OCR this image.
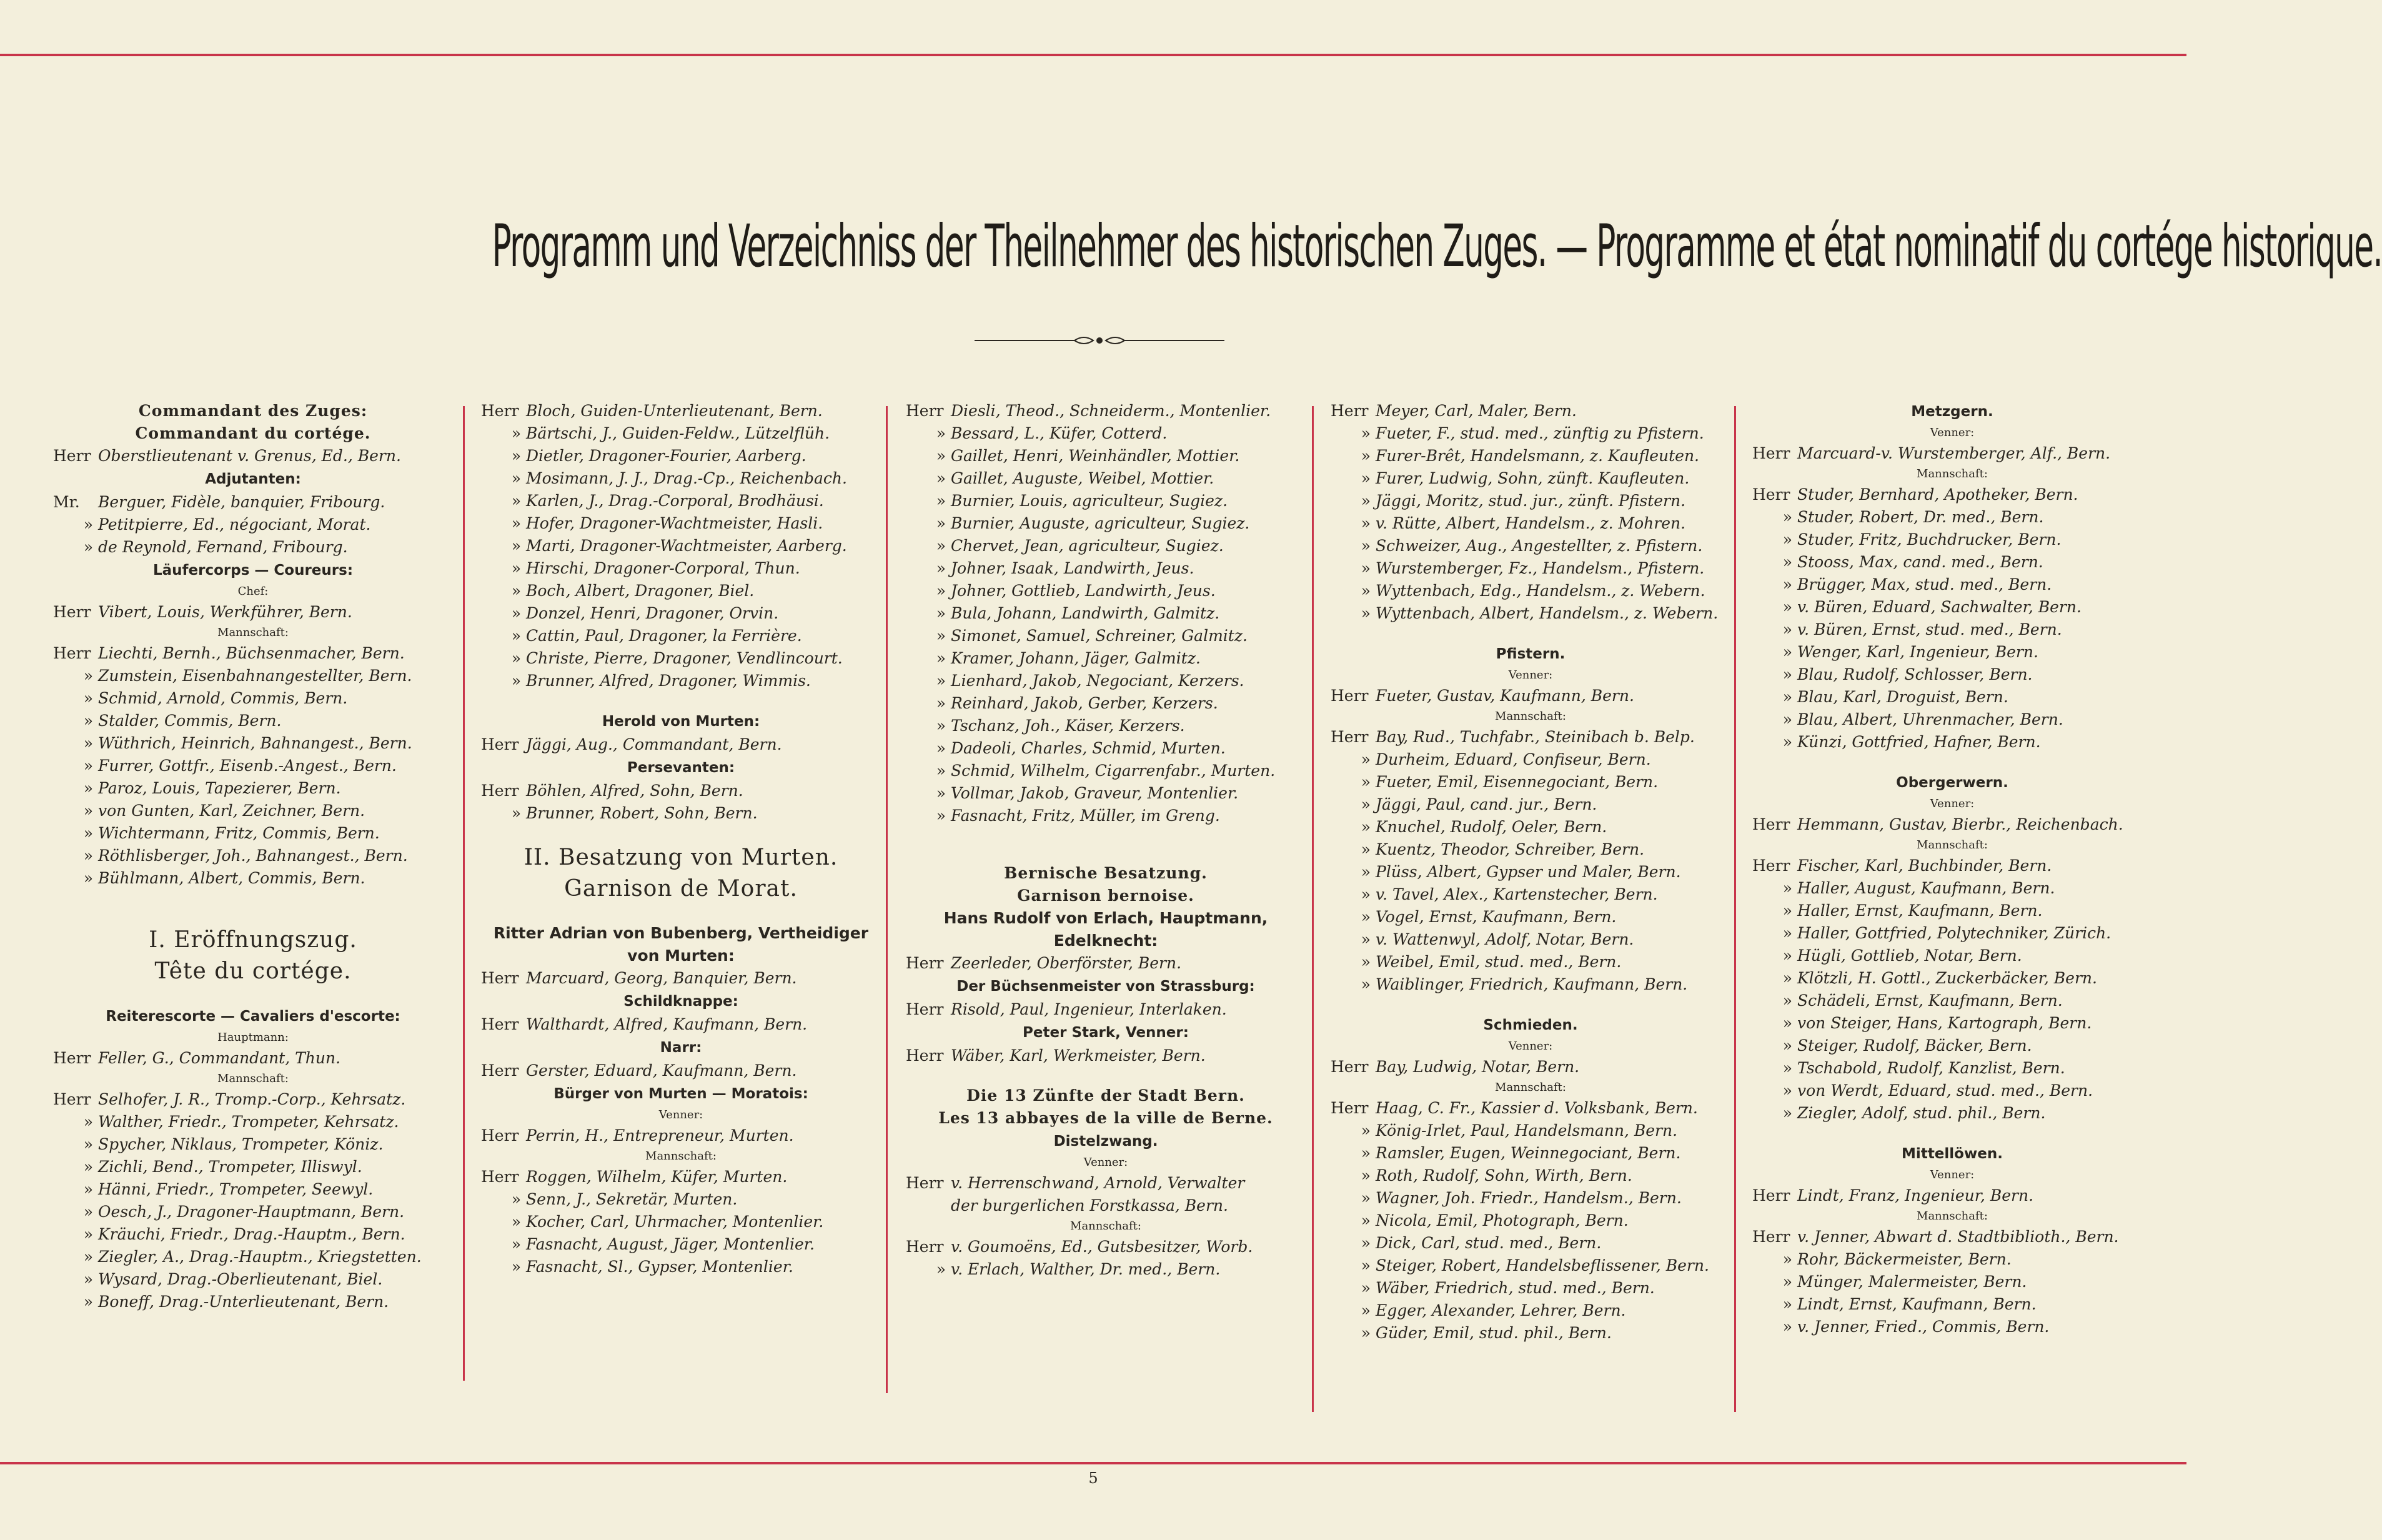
Programm und Verzeichniss der Theilnehmer des historischen Zuges. — Programme et état nominatif du cortége historique.
Commandant des Zuges:
Commandant du cortége.
Herr Oberstlieutenant v. Grenus, Ed., Bern.
Adjutanten:
Mr. Berguer, Fidèle, banquier, Fribourg.
» Petitpierre, Ed., négociant, Morat.
» de Reynold, Fernand, Fribourg.
Läufercorps — Coureurs:
Chef:
Herr Vibert, Louis, Werkführer, Bern.
Mannschaft:
Herr Liechti, Bernh., Büchsenmacher, Bern.
» Zumstein, Eisenbahnangestellter, Bern.
» Schmid, Arnold, Commis, Bern.
» Stalder, Commis, Bern.
» Wüthrich, Heinrich, Bahnangest., Bern.
» Furrer, Gottfr., Eisenb.-Angest., Bern.
» Paroz, Louis, Tapezierer, Bern.
» von Gunten, Karl, Zeichner, Bern.
» Wichtermann, Fritz, Commis, Bern.
» Röthlisberger, Joh., Bahnangest., Bern.
» Bühlmann, Albert, Commis, Bern.
I. Eröffnungszug.
Tête du cortége.
Reiterescorte — Cavaliers d'escorte:
Hauptmann:
Herr Feller, G., Commandant, Thun.
Mannschaft:
Herr Selhofer, J. R., Tromp.-Corp., Kehrsatz.
» Walther, Friedr., Trompeter, Kehrsatz.
» Spycher, Niklaus, Trompeter, Köniz.
» Zichli, Bend., Trompeter, Illiswyl.
» Hänni, Friedr., Trompeter, Seewyl.
» Oesch, J., Dragoner-Hauptmann, Bern.
» Kräuchi, Friedr., Drag.-Hauptm., Bern.
» Ziegler, A., Drag.-Hauptm., Kriegstetten.
» Wysard, Drag.-Oberlieutenant, Biel.
» Boneff, Drag.-Unterlieutenant, Bern.
Herr Bloch, Guiden-Unterlieutenant, Bern.
» Bärtschi, J., Guiden-Feldw., Lützelflüh.
» Dietler, Dragoner-Fourier, Aarberg.
» Mosimann, J. J., Drag.-Cp., Reichenbach.
» Karlen, J., Drag.-Corporal, Brodhäusi.
» Hofer, Dragoner-Wachtmeister, Hasli.
» Marti, Dragoner-Wachtmeister, Aarberg.
» Hirschi, Dragoner-Corporal, Thun.
» Boch, Albert, Dragoner, Biel.
» Donzel, Henri, Dragoner, Orvin.
» Cattin, Paul, Dragoner, la Ferrière.
» Christe, Pierre, Dragoner, Vendlincourt.
» Brunner, Alfred, Dragoner, Wimmis.
Herold von Murten:
Herr Jäggi, Aug., Commandant, Bern.
Persevanten:
Herr Böhlen, Alfred, Sohn, Bern.
» Brunner, Robert, Sohn, Bern.
II. Besatzung von Murten.
Garnison de Morat.
Ritter Adrian von Bubenberg, Vertheidiger von Murten:
Herr Marcuard, Georg, Banquier, Bern.
Schildknappe:
Herr Walthardt, Alfred, Kaufmann, Bern.
Narr:
Herr Gerster, Eduard, Kaufmann, Bern.
Bürger von Murten — Moratois:
Venner:
Herr Perrin, H., Entrepreneur, Murten.
Mannschaft:
Herr Roggen, Wilhelm, Küfer, Murten.
» Senn, J., Sekretär, Murten.
» Kocher, Carl, Uhrmacher, Montenlier.
» Fasnacht, August, Jäger, Montenlier.
» Fasnacht, Sl., Gypser, Montenlier.
Herr Diesli, Theod., Schneiderm., Montenlier.
» Bessard, L., Küfer, Cotterd.
» Gaillet, Henri, Weinhändler, Mottier.
» Gaillet, Auguste, Weibel, Mottier.
» Burnier, Louis, agriculteur, Sugiez.
» Burnier, Auguste, agriculteur, Sugiez.
» Chervet, Jean, agriculteur, Sugiez.
» Johner, Isaak, Landwirth, Jeus.
» Johner, Gottlieb, Landwirth, Jeus.
» Bula, Johann, Landwirth, Galmitz.
» Simonet, Samuel, Schreiner, Galmitz.
» Kramer, Johann, Jäger, Galmitz.
» Lienhard, Jakob, Negociant, Kerzers.
» Reinhard, Jakob, Gerber, Kerzers.
» Tschanz, Joh., Käser, Kerzers.
» Dadeoli, Charles, Schmid, Murten.
» Schmid, Wilhelm, Cigarrenfabr., Murten.
» Vollmar, Jakob, Graveur, Montenlier.
» Fasnacht, Fritz, Müller, im Greng.
Bernische Besatzung.
Garnison bernoise.
Hans Rudolf von Erlach, Hauptmann, Edelknecht:
Herr Zeerleder, Oberförster, Bern.
Der Büchsenmeister von Strassburg:
Herr Risold, Paul, Ingenieur, Interlaken.
Peter Stark, Venner:
Herr Wäber, Karl, Werkmeister, Bern.
Die 13 Zünfte der Stadt Bern.
Les 13 abbayes de la ville de Berne.
Distelzwang.
Venner:
Herr v. Herrenschwand, Arnold, Verwalter
der burgerlichen Forstkassa, Bern.
Mannschaft:
Herr v. Goumoëns, Ed., Gutsbesitzer, Worb.
» v. Erlach, Walther, Dr. med., Bern.
Herr Meyer, Carl, Maler, Bern.
» Fueter, F., stud. med., zünftig zu Pfistern.
» Furer-Brêt, Handelsmann, z. Kaufleuten.
» Furer, Ludwig, Sohn, zünft. Kaufleuten.
» Jäggi, Moritz, stud. jur., zünft. Pfistern.
» v. Rütte, Albert, Handelsm., z. Mohren.
» Schweizer, Aug., Angestellter, z. Pfistern.
» Wurstemberger, Fz., Handelsm., Pfistern.
» Wyttenbach, Edg., Handelsm., z. Webern.
» Wyttenbach, Albert, Handelsm., z. Webern.
Pfistern.
Venner:
Herr Fueter, Gustav, Kaufmann, Bern.
Mannschaft:
Herr Bay, Rud., Tuchfabr., Steinibach b. Belp.
» Durheim, Eduard, Confiseur, Bern.
» Fueter, Emil, Eisennegociant, Bern.
» Jäggi, Paul, cand. jur., Bern.
» Knuchel, Rudolf, Oeler, Bern.
» Kuentz, Theodor, Schreiber, Bern.
» Plüss, Albert, Gypser und Maler, Bern.
» v. Tavel, Alex., Kartenstecher, Bern.
» Vogel, Ernst, Kaufmann, Bern.
» v. Wattenwyl, Adolf, Notar, Bern.
» Weibel, Emil, stud. med., Bern.
» Waiblinger, Friedrich, Kaufmann, Bern.
Schmieden.
Venner:
Herr Bay, Ludwig, Notar, Bern.
Mannschaft:
Herr Haag, C. Fr., Kassier d. Volksbank, Bern.
» König-Irlet, Paul, Handelsmann, Bern.
» Ramsler, Eugen, Weinnegociant, Bern.
» Roth, Rudolf, Sohn, Wirth, Bern.
» Wagner, Joh. Friedr., Handelsm., Bern.
» Nicola, Emil, Photograph, Bern.
» Dick, Carl, stud. med., Bern.
» Steiger, Robert, Handelsbeflissener, Bern.
» Wäber, Friedrich, stud. med., Bern.
» Egger, Alexander, Lehrer, Bern.
» Güder, Emil, stud. phil., Bern.
Metzgern.
Venner:
Herr Marcuard-v. Wurstemberger, Alf., Bern.
Mannschaft:
Herr Studer, Bernhard, Apotheker, Bern.
» Studer, Robert, Dr. med., Bern.
» Studer, Fritz, Buchdrucker, Bern.
» Stooss, Max, cand. med., Bern.
» Brügger, Max, stud. med., Bern.
» v. Büren, Eduard, Sachwalter, Bern.
» v. Büren, Ernst, stud. med., Bern.
» Wenger, Karl, Ingenieur, Bern.
» Blau, Rudolf, Schlosser, Bern.
» Blau, Karl, Droguist, Bern.
» Blau, Albert, Uhrenmacher, Bern.
» Künzi, Gottfried, Hafner, Bern.
Obergerwern.
Venner:
Herr Hemmann, Gustav, Bierbr., Reichenbach.
Mannschaft:
Herr Fischer, Karl, Buchbinder, Bern.
» Haller, August, Kaufmann, Bern.
» Haller, Ernst, Kaufmann, Bern.
» Haller, Gottfried, Polytechniker, Zürich.
» Hügli, Gottlieb, Notar, Bern.
» Klötzli, H. Gottl., Zuckerbäcker, Bern.
» Schädeli, Ernst, Kaufmann, Bern.
» von Steiger, Hans, Kartograph, Bern.
» Steiger, Rudolf, Bäcker, Bern.
» Tschabold, Rudolf, Kanzlist, Bern.
» von Werdt, Eduard, stud. med., Bern.
» Ziegler, Adolf, stud. phil., Bern.
Mittellöwen.
Venner:
Herr Lindt, Franz, Ingenieur, Bern.
Mannschaft:
Herr v. Jenner, Abwart d. Stadtbiblioth., Bern.
» Rohr, Bäckermeister, Bern.
» Münger, Malermeister, Bern.
» Lindt, Ernst, Kaufmann, Bern.
» v. Jenner, Fried., Commis, Bern.
5
